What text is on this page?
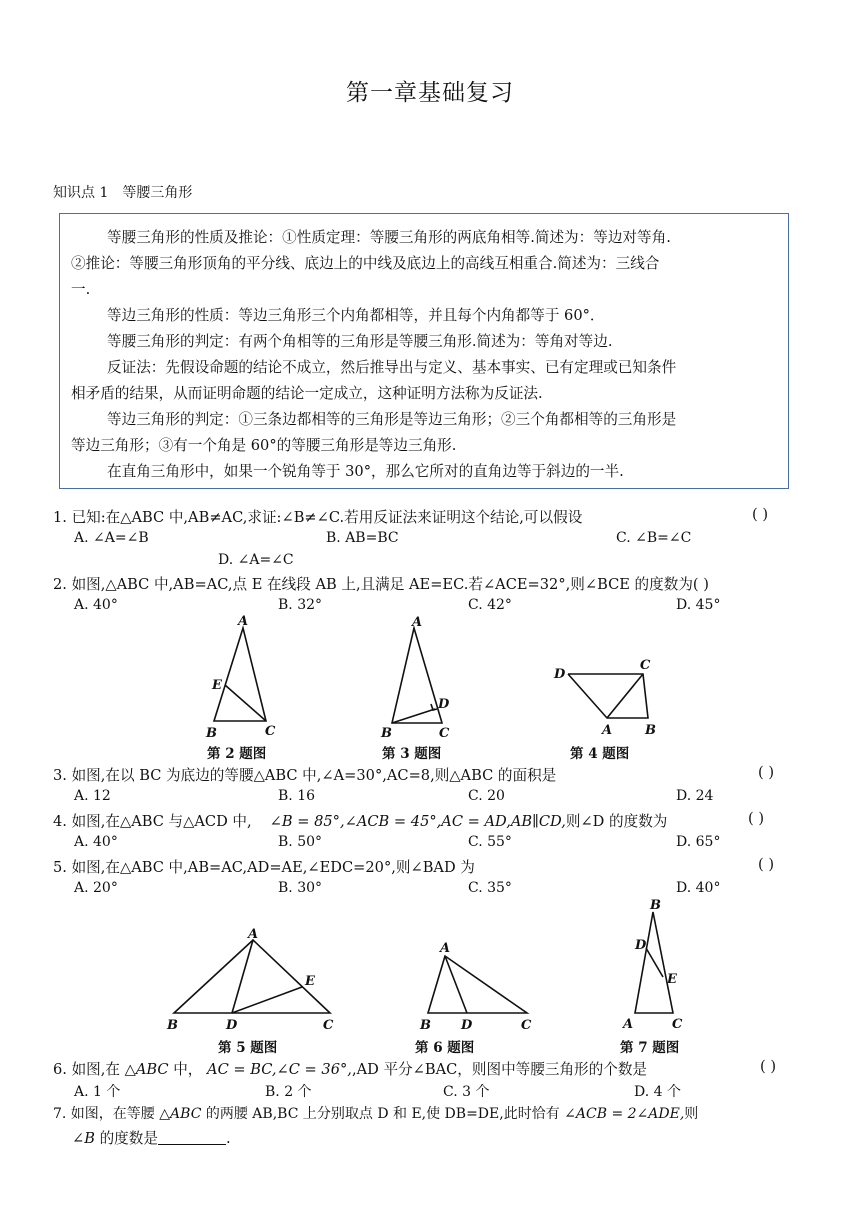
第一章基础复习
知识点 1　等腰三角形
等腰三角形的性质及推论：①性质定理：等腰三角形的两底角相等.简述为：等边对等角.
②推论：等腰三角形顶角的平分线、底边上的中线及底边上的高线互相重合.简述为：三线合
一.
等边三角形的性质：等边三角形三个内角都相等，并且每个内角都等于 60°．
等腰三角形的判定：有两个角相等的三角形是等腰三角形.简述为：等角对等边.
反证法：先假设命题的结论不成立，然后推导出与定义、基本事实、已有定理或已知条件
相矛盾的结果，从而证明命题的结论一定成立，这种证明方法称为反证法.
等边三角形的判定：①三条边都相等的三角形是等边三角形；②三个角都相等的三角形是
等边三角形；③有一个角是 60°的等腰三角形是等边三角形.
在直角三角形中，如果一个锐角等于 30°，那么它所对的直角边等于斜边的一半.
1. 已知:在△ABC 中,AB≠AC,求证:∠B≠∠C.若用反证法来证明这个结论,可以假设	( )
A. ∠A=∠B	B. AB=BC	C. ∠B=∠C
D. ∠A=∠C
2. 如图,△ABC 中,AB=AC,点 E 在线段 AB 上,且满足 AE=EC.若∠ACE=32°,则∠BCE 的度数为( )
A. 40°	B. 32°	C. 42°	D. 45°
A
E
B	C
第 2 题图
A
D
B	C
第 3 题图
D
C
A	B
第 4 题图
3. 如图,在以 BC 为底边的等腰△ABC 中,∠A=30°,AC=8,则△ABC 的面积是	( )
A. 12	B. 16	C. 20	D. 24
4. 如图,在△ABC 与△ACD 中, ∠B = 85°,∠ACB = 45°,AC = AD,AB∥CD,则∠D 的度数为	( )
A. 40°	B. 50°	C. 55°	D. 65°
5. 如图,在△ABC 中,AB=AC,AD=AE,∠EDC=20°,则∠BAD 为	( )
A. 20°	B. 30°	C. 35°	D. 40°
A
E
B	D	C
第 5 题图
A
B D	C
第 6 题图
B
D
E
A	C
第 7 题图
6. 如图,在 △ABC 中， AC = BC,∠C = 36°,,AD 平分∠BAC，则图中等腰三角形的个数是	( )
A. 1 个	B. 2 个	C. 3 个	D. 4 个
7. 如图，在等腰 △ABC 的两腰 AB,BC 上分别取点 D 和 E,使 DB=DE,此时恰有 ∠ACB = 2∠ADE,则
∠B 的度数是	.
